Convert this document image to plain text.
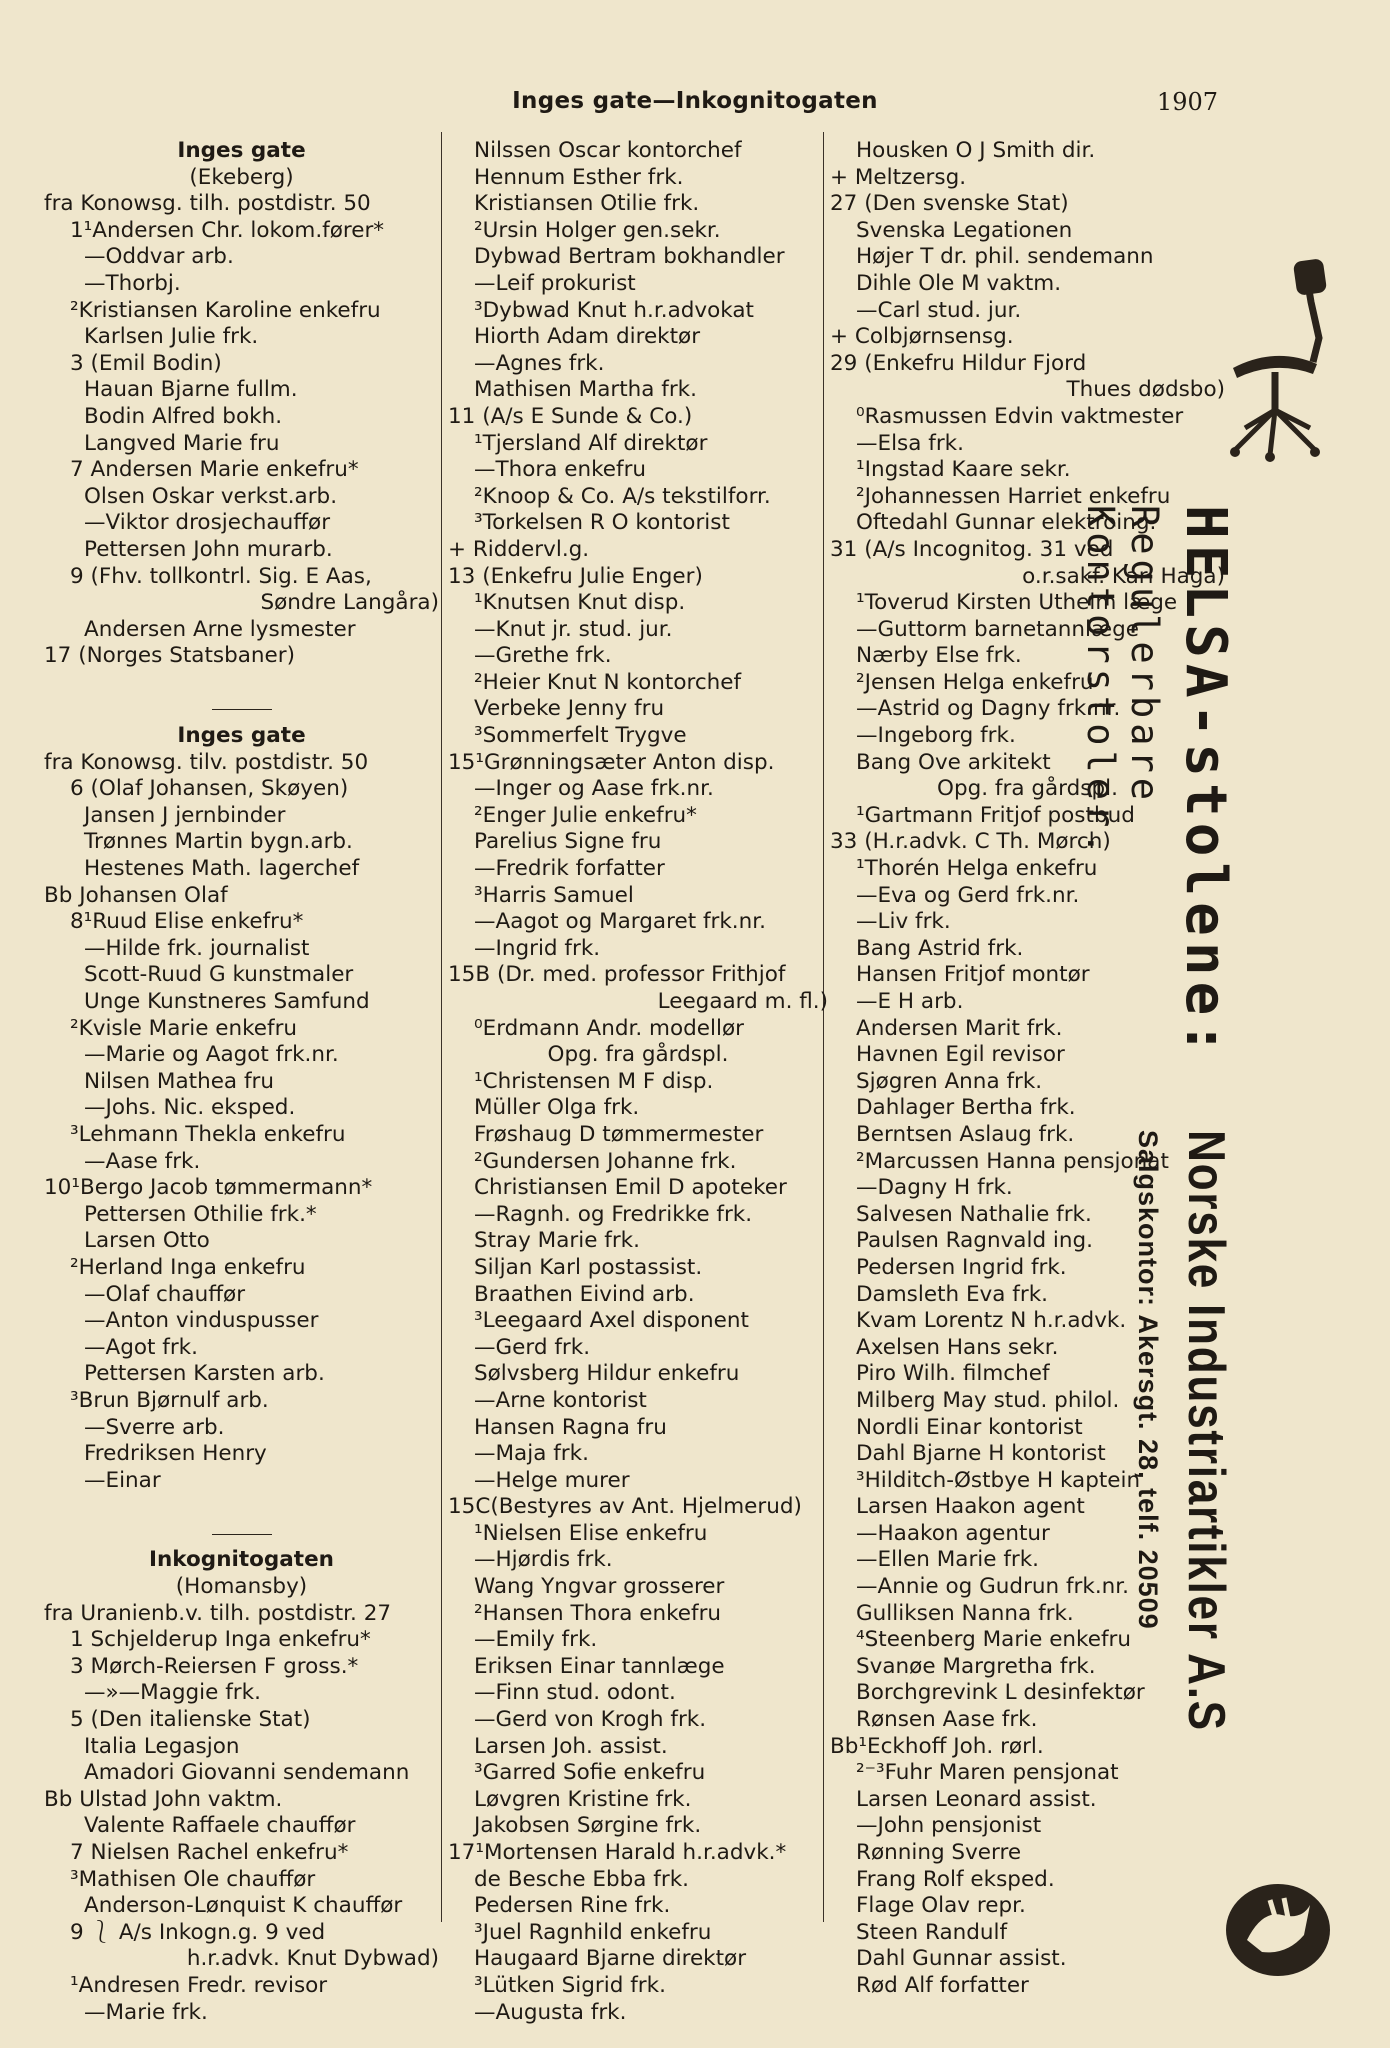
Inges gate—Inkognitogaten	1907
Inges gate
(Ekeberg)
fra Konowsg. tilh. postdistr. 50
1¹Andersen Chr. lokom.fører*
—Oddvar arb.
—Thorbj.
²Kristiansen Karoline enkefru
Karlsen Julie frk.
3 (Emil Bodin)
Hauan Bjarne fullm.
Bodin Alfred bokh.
Langved Marie fru
7 Andersen Marie enkefru*
Olsen Oskar verkst.arb.
—Viktor drosjechauffør
Pettersen John murarb.
9 (Fhv. tollkontrl. Sig. E Aas,
Søndre Langåra)
Andersen Arne lysmester
17 (Norges Statsbaner)
Inges gate
fra Konowsg. tilv. postdistr. 50
6 (Olaf Johansen, Skøyen)
Jansen J jernbinder
Trønnes Martin bygn.arb.
Hestenes Math. lagerchef
Bb Johansen Olaf
8¹Ruud Elise enkefru*
—Hilde frk. journalist
Scott-Ruud G kunstmaler
Unge Kunstneres Samfund
²Kvisle Marie enkefru
—Marie og Aagot frk.nr.
Nilsen Mathea fru
—Johs. Nic. eksped.
³Lehmann Thekla enkefru
—Aase frk.
10¹Bergo Jacob tømmermann*
Pettersen Othilie frk.*
Larsen Otto
²Herland Inga enkefru
—Olaf chauffør
—Anton vinduspusser
—Agot frk.
Pettersen Karsten arb.
³Brun Bjørnulf arb.
—Sverre arb.
Fredriksen Henry
—Einar
Inkognitogaten
(Homansby)
fra Uranienb.v. tilh. postdistr. 27
1 Schjelderup Inga enkefru*
3 Mørch-Reiersen F gross.*
—»—Maggie frk.
5 (Den italienske Stat)
Italia Legasjon
Amadori Giovanni sendemann
Bb Ulstad John vaktm.
Valente Raffaele chauffør
7 Nielsen Rachel enkefru*
³Mathisen Ole chauffør
Anderson-Lønquist K chauffør
9 ⎱ A/s Inkogn.g. 9 ved
h.r.advk. Knut Dybwad)
¹Andresen Fredr. revisor
—Marie frk.
Nilssen Oscar kontorchef
Hennum Esther frk.
Kristiansen Otilie frk.
²Ursin Holger gen.sekr.
Dybwad Bertram bokhandler
—Leif prokurist
³Dybwad Knut h.r.advokat
Hiorth Adam direktør
—Agnes frk.
Mathisen Martha frk.
11 (A/s E Sunde & Co.)
¹Tjersland Alf direktør
—Thora enkefru
²Knoop & Co. A/s tekstilforr.
³Torkelsen R O kontorist
+ Riddervl.g.
13 (Enkefru Julie Enger)
¹Knutsen Knut disp.
—Knut jr. stud. jur.
—Grethe frk.
²Heier Knut N kontorchef
Verbeke Jenny fru
³Sommerfelt Trygve
15¹Grønningsæter Anton disp.
—Inger og Aase frk.nr.
²Enger Julie enkefru*
Parelius Signe fru
—Fredrik forfatter
³Harris Samuel
—Aagot og Margaret frk.nr.
—Ingrid frk.
15B (Dr. med. professor Frithjof
Leegaard m. fl.)
⁰Erdmann Andr. modellør
Opg. fra gårdspl.
¹Christensen M F disp.
Müller Olga frk.
Frøshaug D tømmermester
²Gundersen Johanne frk.
Christiansen Emil D apoteker
—Ragnh. og Fredrikke frk.
Stray Marie frk.
Siljan Karl postassist.
Braathen Eivind arb.
³Leegaard Axel disponent
—Gerd frk.
Sølvsberg Hildur enkefru
—Arne kontorist
Hansen Ragna fru
—Maja frk.
—Helge murer
15C(Bestyres av Ant. Hjelmerud)
¹Nielsen Elise enkefru
—Hjørdis frk.
Wang Yngvar grosserer
²Hansen Thora enkefru
—Emily frk.
Eriksen Einar tannlæge
—Finn stud. odont.
—Gerd von Krogh frk.
Larsen Joh. assist.
³Garred Sofie enkefru
Løvgren Kristine frk.
Jakobsen Sørgine frk.
17¹Mortensen Harald h.r.advk.*
de Besche Ebba frk.
Pedersen Rine frk.
³Juel Ragnhild enkefru
Haugaard Bjarne direktør
³Lütken Sigrid frk.
—Augusta frk.
Housken O J Smith dir.
+ Meltzersg.
27 (Den svenske Stat)
Svenska Legationen
Højer T dr. phil. sendemann
Dihle Ole M vaktm.
—Carl stud. jur.
+ Colbjørnsensg.
29 (Enkefru Hildur Fjord
Thues dødsbo)
⁰Rasmussen Edvin vaktmester
—Elsa frk.
¹Ingstad Kaare sekr.
²Johannessen Harriet enkefru
Oftedahl Gunnar elektroing.
31 (A/s Incognitog. 31 ved
o.r.sakf. Karl Haga)
¹Toverud Kirsten Utheim læge
—Guttorm barnetannlæge
Nærby Else frk.
²Jensen Helga enkefru
—Astrid og Dagny frk.nr.
—Ingeborg frk.
Bang Ove arkitekt
Opg. fra gårdspl.
¹Gartmann Fritjof postbud
33 (H.r.advk. C Th. Mørch)
¹Thorén Helga enkefru
—Eva og Gerd frk.nr.
—Liv frk.
Bang Astrid frk.
Hansen Fritjof montør
—E H arb.
Andersen Marit frk.
Havnen Egil revisor
Sjøgren Anna frk.
Dahlager Bertha frk.
Berntsen Aslaug frk.
²Marcussen Hanna pensjonat
—Dagny H frk.
Salvesen Nathalie frk.
Paulsen Ragnvald ing.
Pedersen Ingrid frk.
Damsleth Eva frk.
Kvam Lorentz N h.r.advk.
Axelsen Hans sekr.
Piro Wilh. filmchef
Milberg May stud. philol.
Nordli Einar kontorist
Dahl Bjarne H kontorist
³Hilditch-Østbye H kaptein
Larsen Haakon agent
—Haakon agentur
—Ellen Marie frk.
—Annie og Gudrun frk.nr.
Gulliksen Nanna frk.
⁴Steenberg Marie enkefru
Svanøe Margretha frk.
Borchgrevink L desinfektør
Rønsen Aase frk.
Bb¹Eckhoff Joh. rørl.
²⁻³Fuhr Maren pensjonat
Larsen Leonard assist.
—John pensjonist
Rønning Sverre
Frang Rolf eksped.
Flage Olav repr.
Steen Randulf
Dahl Gunnar assist.
Rød Alf forfatter
HELSA-stolene:
Regulerbare Kontorstoler.
Norske Industriartikler A.S
Salgskontor: Akersgt. 28, telf. 20509
